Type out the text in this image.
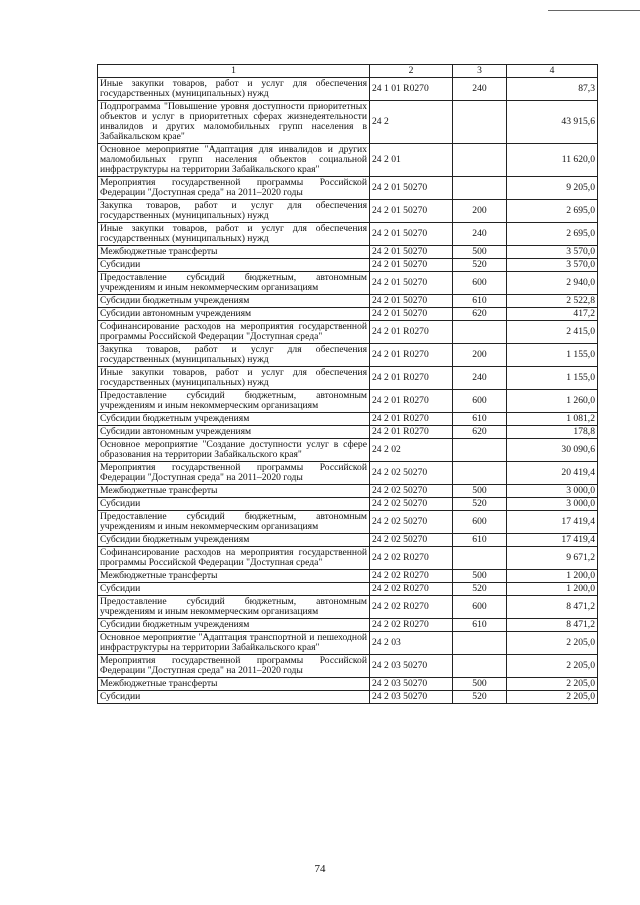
1	2	3	4
Иные закупки товаров, работ и услуг для обеспечения государственных (муниципальных) нужд	24 1 01 R0270	240	87,3
Подпрограмма "Повышение уровня доступности приоритетных объектов и услуг в приоритетных сферах жизнедеятельности инвалидов и других маломобильных групп населения в Забайкальском крае"	24 2		43 915,6
Основное мероприятие "Адаптация для инвалидов и других маломобильных групп населения объектов социальной инфраструктуры на территории Забайкальского края"	24 2 01		11 620,0
Мероприятия государственной программы Российской Федерации "Доступная среда" на 2011–2020 годы	24 2 01 50270		9 205,0
Закупка товаров, работ и услуг для обеспечения государственных (муниципальных) нужд	24 2 01 50270	200	2 695,0
Иные закупки товаров, работ и услуг для обеспечения государственных (муниципальных) нужд	24 2 01 50270	240	2 695,0
Межбюджетные трансферты	24 2 01 50270	500	3 570,0
Субсидии	24 2 01 50270	520	3 570,0
Предоставление субсидий бюджетным, автономным учреждениям и иным некоммерческим организациям	24 2 01 50270	600	2 940,0
Субсидии бюджетным учреждениям	24 2 01 50270	610	2 522,8
Субсидии автономным учреждениям	24 2 01 50270	620	417,2
Софинансирование расходов на мероприятия государственной программы Российской Федерации "Доступная среда"	24 2 01 R0270		2 415,0
Закупка товаров, работ и услуг для обеспечения государственных (муниципальных) нужд	24 2 01 R0270	200	1 155,0
Иные закупки товаров, работ и услуг для обеспечения государственных (муниципальных) нужд	24 2 01 R0270	240	1 155,0
Предоставление субсидий бюджетным, автономным учреждениям и иным некоммерческим организациям	24 2 01 R0270	600	1 260,0
Субсидии бюджетным учреждениям	24 2 01 R0270	610	1 081,2
Субсидии автономным учреждениям	24 2 01 R0270	620	178,8
Основное мероприятие "Создание доступности услуг в сфере образования на территории Забайкальского края"	24 2 02		30 090,6
Мероприятия государственной программы Российской Федерации "Доступная среда" на 2011–2020 годы	24 2 02 50270		20 419,4
Межбюджетные трансферты	24 2 02 50270	500	3 000,0
Субсидии	24 2 02 50270	520	3 000,0
Предоставление субсидий бюджетным, автономным учреждениям и иным некоммерческим организациям	24 2 02 50270	600	17 419,4
Субсидии бюджетным учреждениям	24 2 02 50270	610	17 419,4
Софинансирование расходов на мероприятия государственной программы Российской Федерации "Доступная среда"	24 2 02 R0270		9 671,2
Межбюджетные трансферты	24 2 02 R0270	500	1 200,0
Субсидии	24 2 02 R0270	520	1 200,0
Предоставление субсидий бюджетным, автономным учреждениям и иным некоммерческим организациям	24 2 02 R0270	600	8 471,2
Субсидии бюджетным учреждениям	24 2 02 R0270	610	8 471,2
Основное мероприятие "Адаптация транспортной и пешеходной инфраструктуры на территории Забайкальского края"	24 2 03		2 205,0
Мероприятия государственной программы Российской Федерации "Доступная среда" на 2011–2020 годы	24 2 03 50270		2 205,0
Межбюджетные трансферты	24 2 03 50270	500	2 205,0
Субсидии	24 2 03 50270	520	2 205,0
74
